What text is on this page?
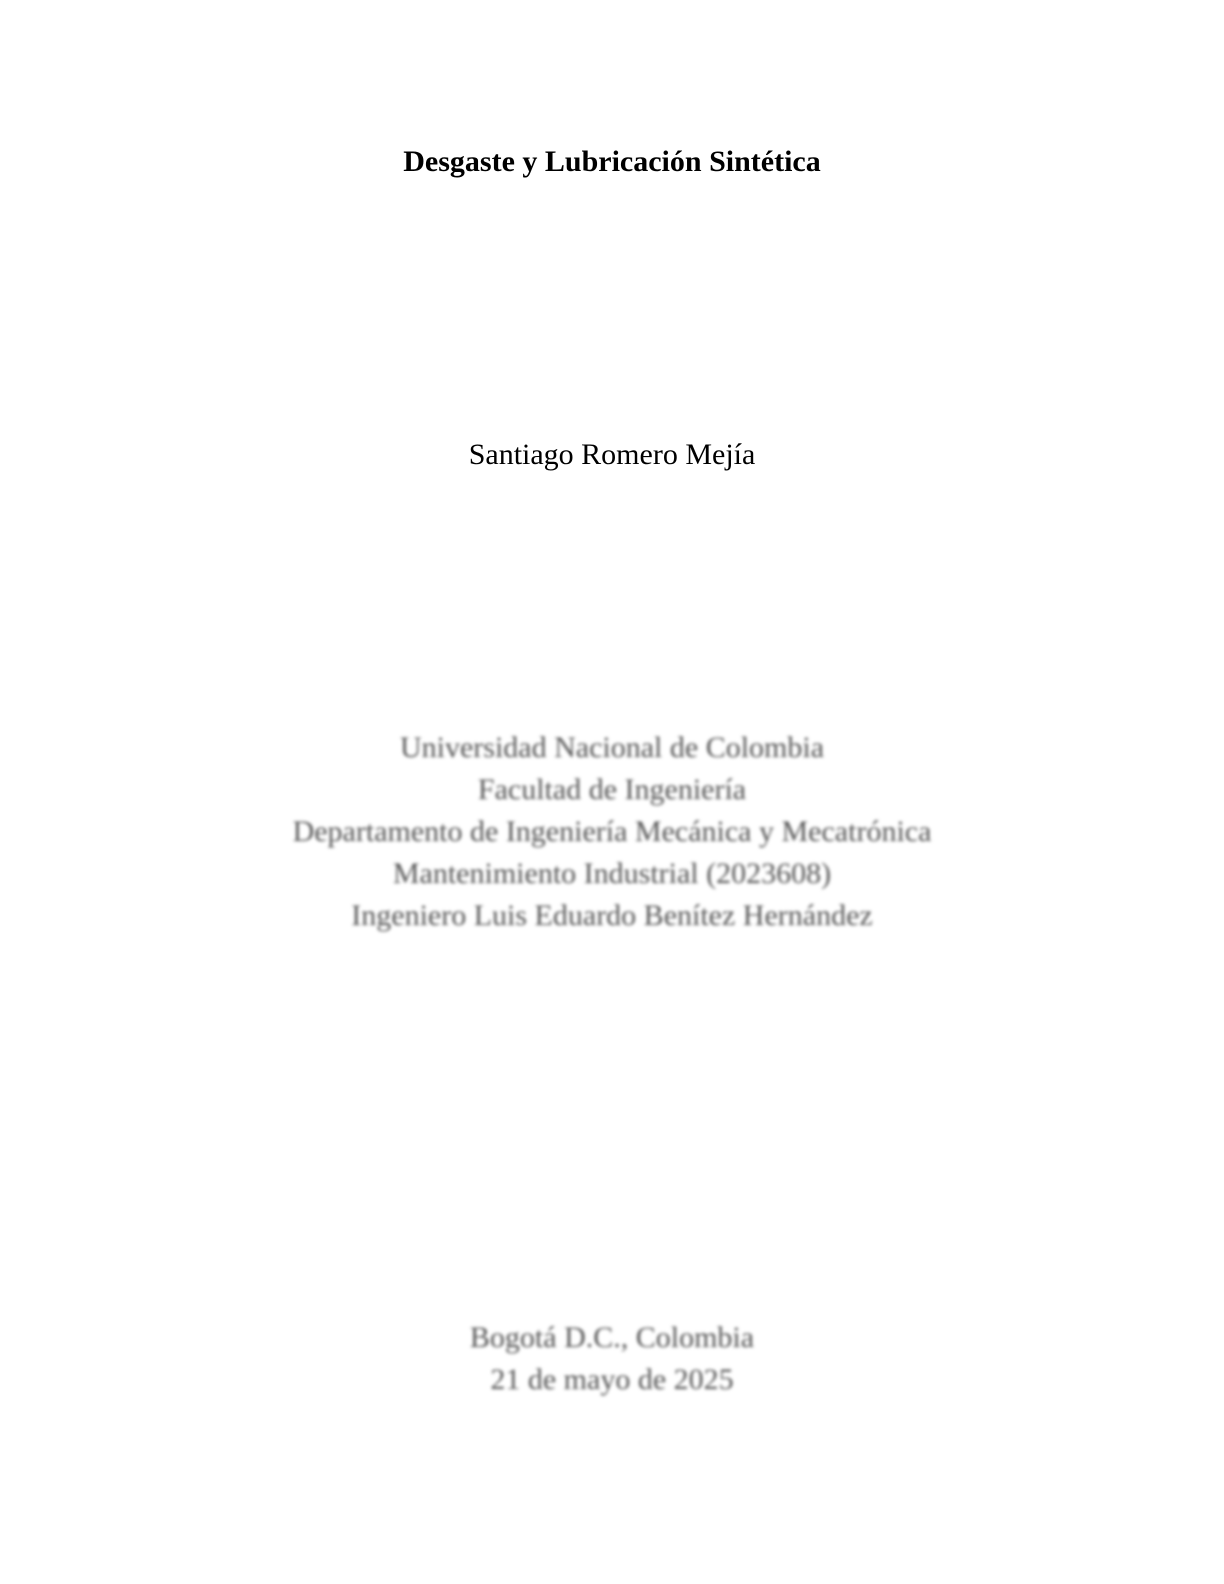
Desgaste y Lubricación Sintética
Santiago Romero Mejía
Universidad Nacional de Colombia
Facultad de Ingeniería
Departamento de Ingeniería Mecánica y Mecatrónica
Mantenimiento Industrial (2023608)
Ingeniero Luis Eduardo Benítez Hernández
Bogotá D.C., Colombia
21 de mayo de 2025
